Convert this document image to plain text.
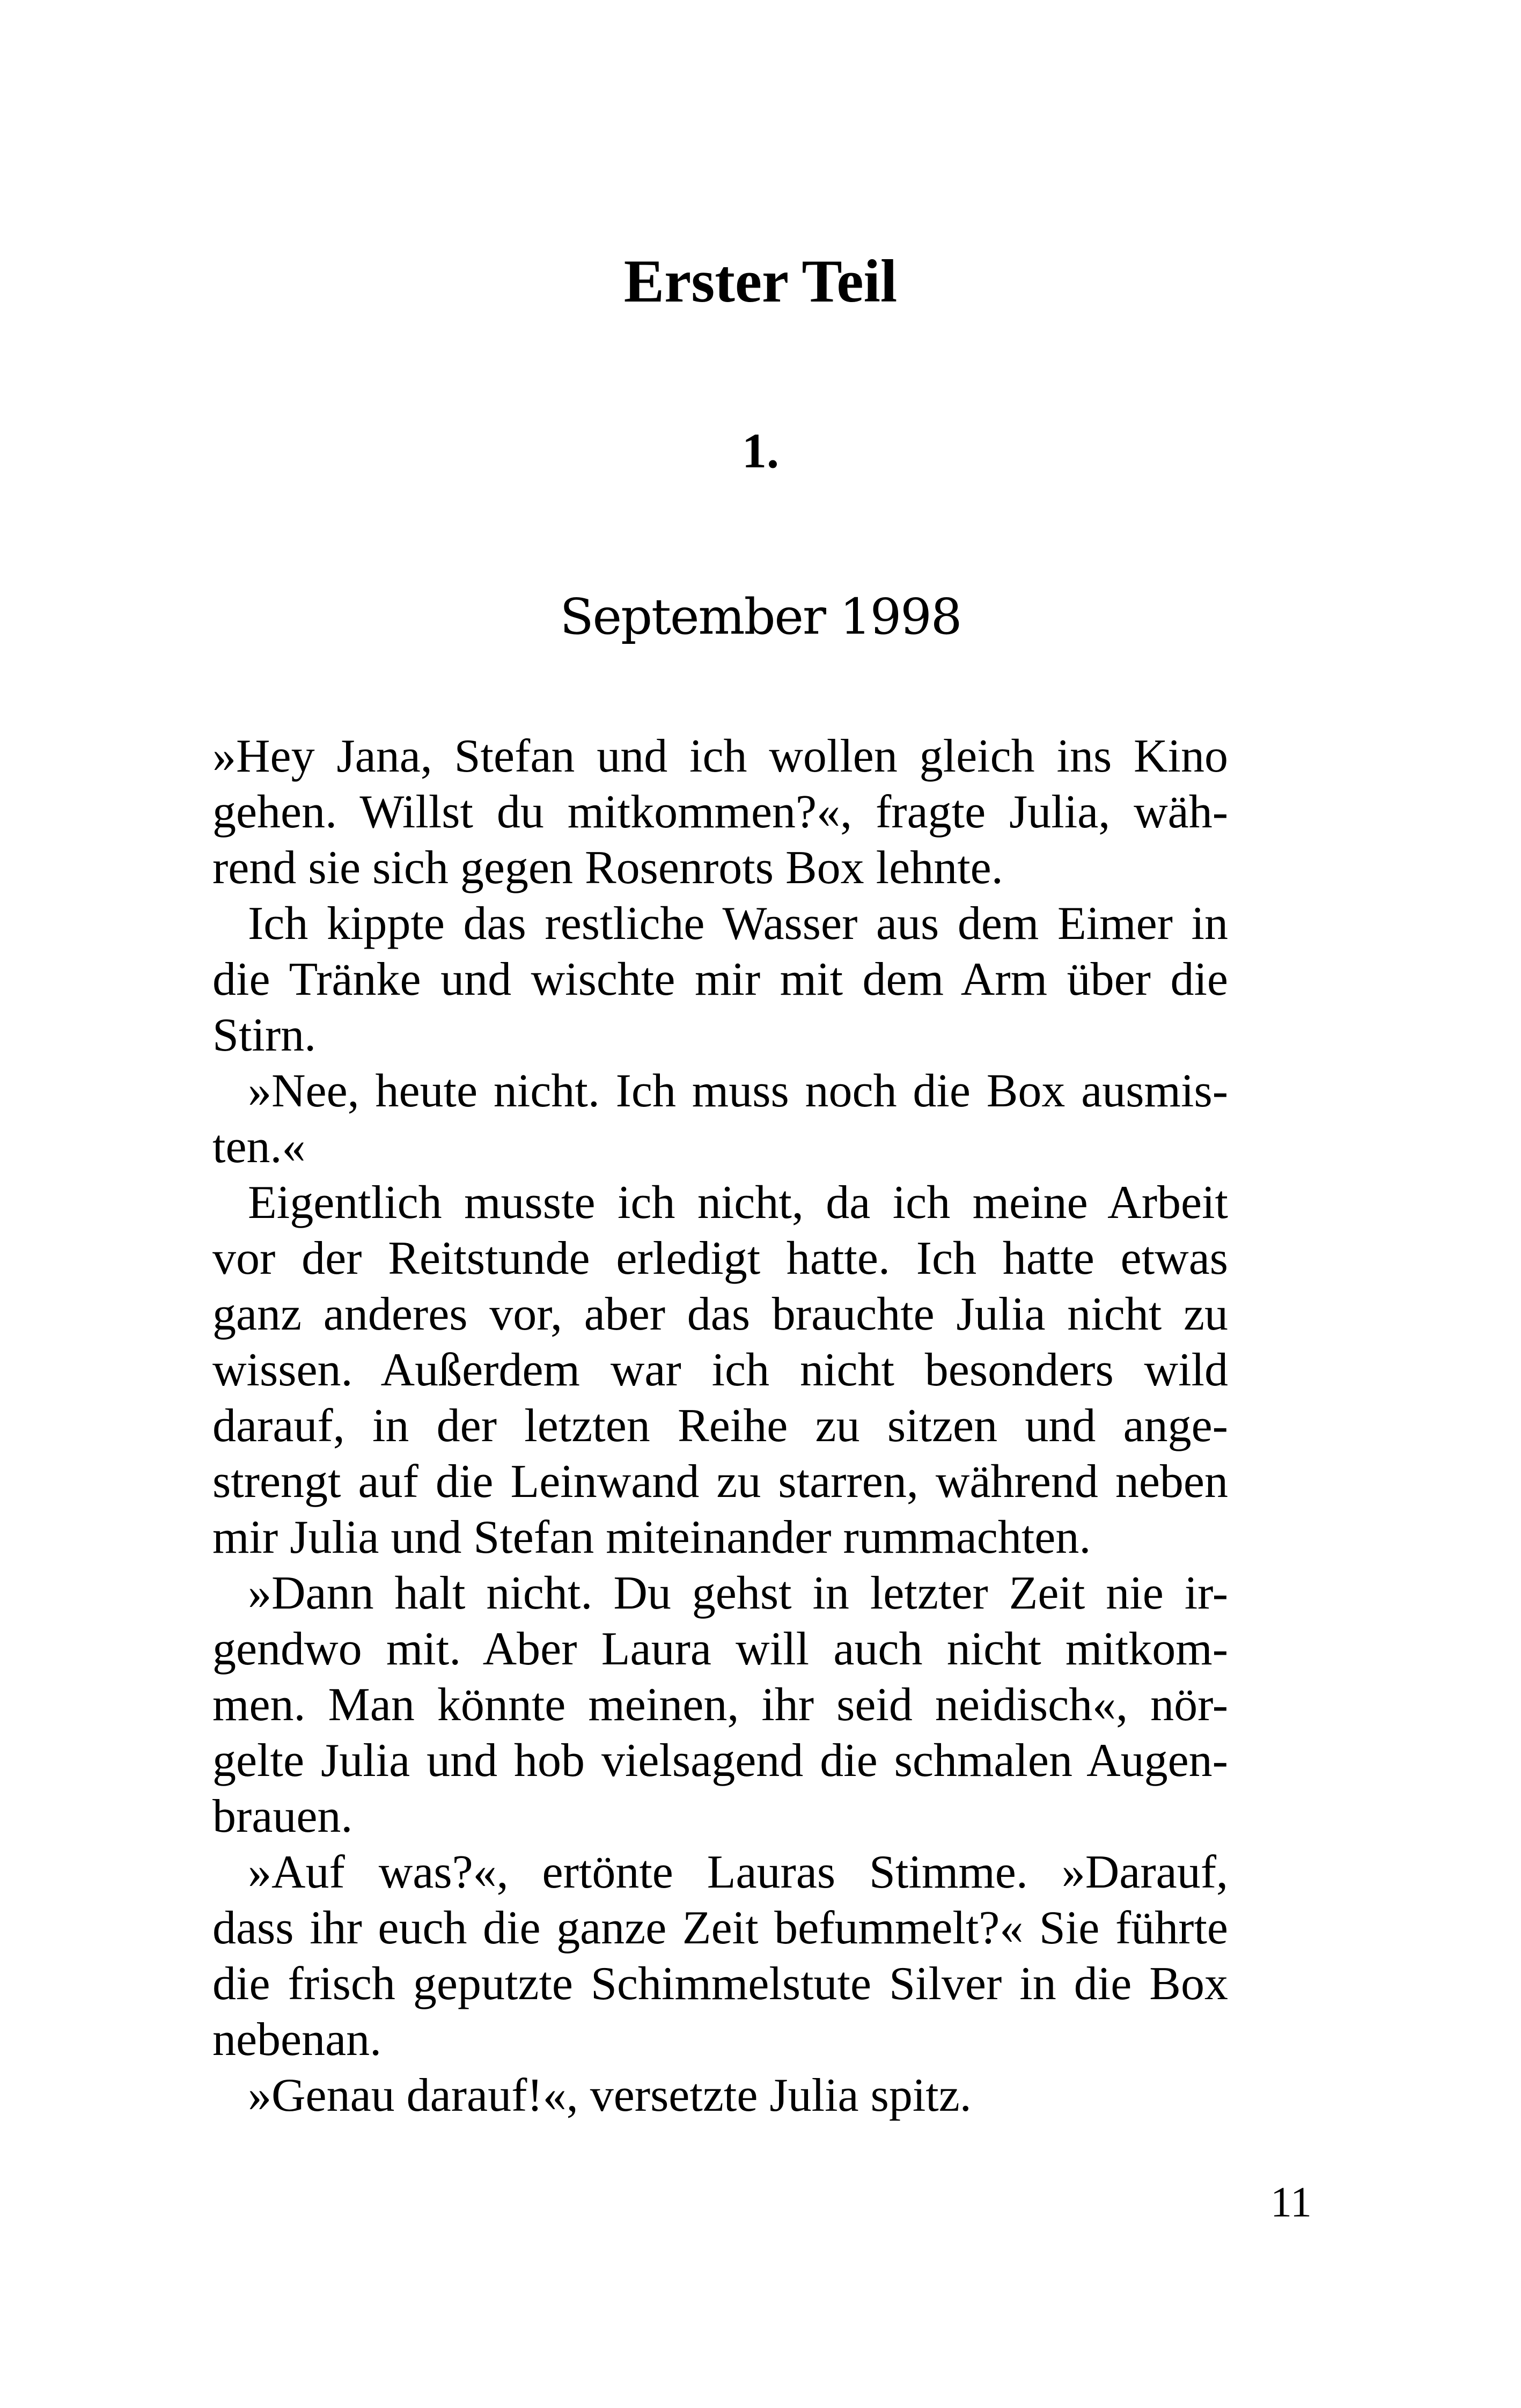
Erster Teil
1.

September 1998

»Hey Jana, Stefan und ich wollen gleich ins Kino
gehen. Willst du mitkommen?«, fragte Julia, wäh-
rend sie sich gegen Rosenrots Box lehnte.
Ich kippte das restliche Wasser aus dem Eimer in
die Tränke und wischte mir mit dem Arm über die
Stirn.
»Nee, heute nicht. Ich muss noch die Box ausmis-
ten.«
Eigentlich musste ich nicht, da ich meine Arbeit
vor der Reitstunde erledigt hatte. Ich hatte etwas
ganz anderes vor, aber das brauchte Julia nicht zu
wissen. Außerdem war ich nicht besonders wild
darauf, in der letzten Reihe zu sitzen und ange-
strengt auf die Leinwand zu starren, während neben
mir Julia und Stefan miteinander rummachten.
»Dann halt nicht. Du gehst in letzter Zeit nie ir-
gendwo mit. Aber Laura will auch nicht mitkom-
men. Man könnte meinen, ihr seid neidisch«, nör-
gelte Julia und hob vielsagend die schmalen Augen-
brauen.
»Auf was?«, ertönte Lauras Stimme. »Darauf,
dass ihr euch die ganze Zeit befummelt?« Sie führte
die frisch geputzte Schimmelstute Silver in die Box
nebenan.
»Genau darauf!«, versetzte Julia spitz.

11
